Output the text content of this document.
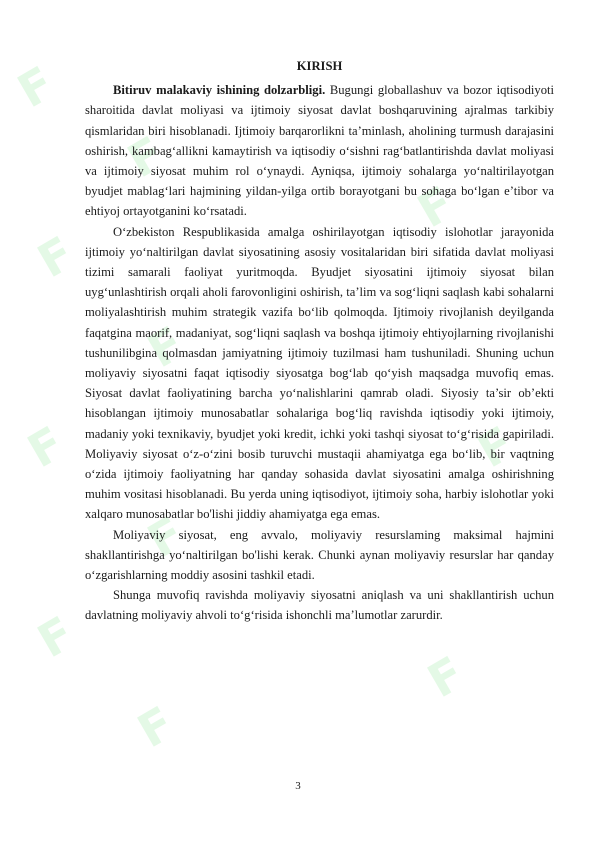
F
F
F
F
F
F
F
F
F
F
F

KIRISH

Bitiruv malakaviy ishining dolzarbligi. Bugungi globallashuv va bozor iqtisodiyoti sharoitida davlat moliyasi va ijtimoiy siyosat davlat boshqaruvining ajralmas tarkibiy qismlaridan biri hisoblanadi. Ijtimoiy barqarorlikni ta’minlash, aholining turmush darajasini oshirish, kambag‘allikni kamaytirish va iqtisodiy o‘sishni rag‘batlantirishda davlat moliyasi va ijtimoiy siyosat muhim rol o‘ynaydi. Ayniqsa, ijtimoiy sohalarga yo‘naltirilayotgan byudjet mablag‘lari hajmining yildan-yilga ortib borayotgani bu sohaga bo‘lgan e’tibor va ehtiyoj ortayotganini ko‘rsatadi.

O‘zbekiston Respublikasida amalga oshirilayotgan iqtisodiy islohotlar jarayonida ijtimoiy yo‘naltirilgan davlat siyosatining asosiy vositalaridan biri sifatida davlat moliyasi tizimi samarali faoliyat yuritmoqda. Byudjet siyosatini ijtimoiy siyosat bilan uyg‘unlashtirish orqali aholi farovonligini oshirish, ta’lim va sog‘liqni saqlash kabi sohalarni moliyalashtirish muhim strategik vazifa bo‘lib qolmoqda. Ijtimoiy rivojlanish deyilganda faqatgina maorif, madaniyat, sog‘liqni saqlash va boshqa ijtimoiy ehtiyojlarning rivojlanishi tushunilibgina qolmasdan jamiyatning ijtimoiy tuzilmasi ham tushuniladi. Shuning uchun moliyaviy siyosatni faqat iqtisodiy siyosatga bog‘lab qo‘yish maqsadga muvofiq emas. Siyosat davlat faoliyatining barcha yo‘nalishlarini qamrab oladi. Siyosiy ta’sir ob’ekti hisoblangan ijtimoiy munosabatlar sohalariga bog‘liq ravishda iqtisodiy yoki ijtimoiy, madaniy yoki texnikaviy, byudjet yoki kredit, ichki yoki tashqi siyosat to‘g‘risida gapiriladi. Moliyaviy siyosat o‘z-o‘zini bosib turuvchi mustaqii ahamiyatga ega bo‘lib, bir vaqtning o‘zida ijtimoiy faoliyatning har qanday sohasida davlat siyosatini amalga oshirishning muhim vositasi hisoblanadi. Bu yerda uning iqtisodiyot, ijtimoiy soha, harbiy islohotlar yoki xalqaro munosabatlar bo'lishi jiddiy ahamiyatga ega emas.

Moliyaviy siyosat, eng avvalo, moliyaviy resurslaming maksimal hajmini shakllantirishga yo‘naltirilgan bo'lishi kerak. Chunki aynan moliyaviy resurslar har qanday o‘zgarishlarning moddiy asosini tashkil etadi.

Shunga muvofiq ravishda moliyaviy siyosatni aniqlash va uni shakllantirish uchun davlatning moliyaviy ahvoli to‘g‘risida ishonchli ma’lumotlar zarurdir.

3
